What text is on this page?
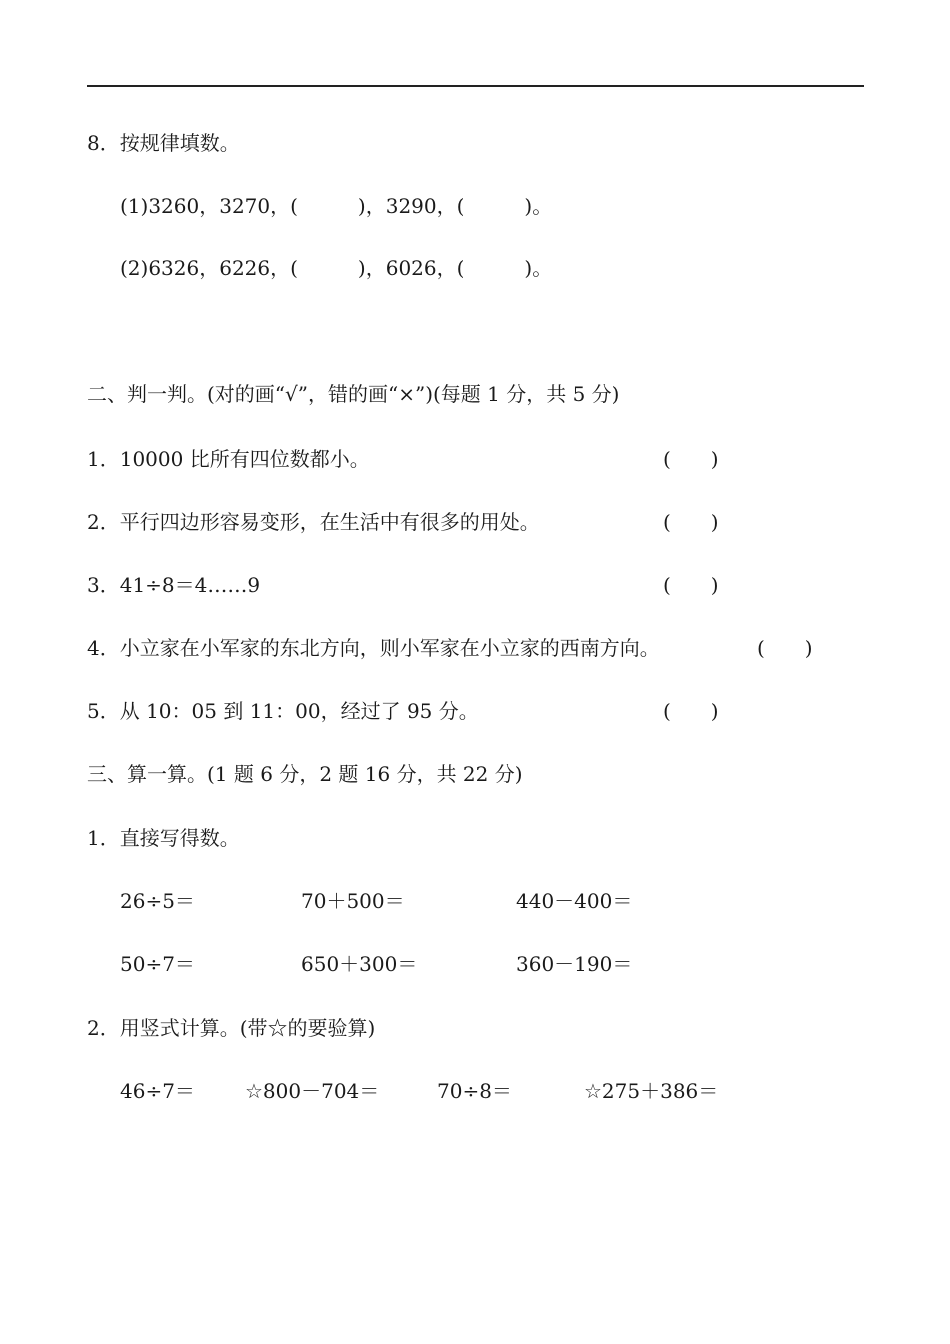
8．按规律填数。
(1)3260，3270，(　　　)，3290，(　　　)。
(2)6326，6226，(　　　)，6026，(　　　)。
二、判一判。(对的画“√”，错的画“×”)(每题 1 分，共 5 分)
1．10000 比所有四位数都小。	(　　)
2．平行四边形容易变形，在生活中有很多的用处。	(　　)
3．41÷8＝4……9	(　　)
4．小立家在小军家的东北方向，则小军家在小立家的西南方向。	(　　)
5．从 10：05 到 11：00，经过了 95 分。	(　　)
三、算一算。(1 题 6 分，2 题 16 分，共 22 分)
1．直接写得数。
26÷5＝	70＋500＝	440－400＝
50÷7＝	650＋300＝	360－190＝
2．用竖式计算。(带☆的要验算)
46÷7＝	☆800－704＝	70÷8＝	☆275＋386＝
